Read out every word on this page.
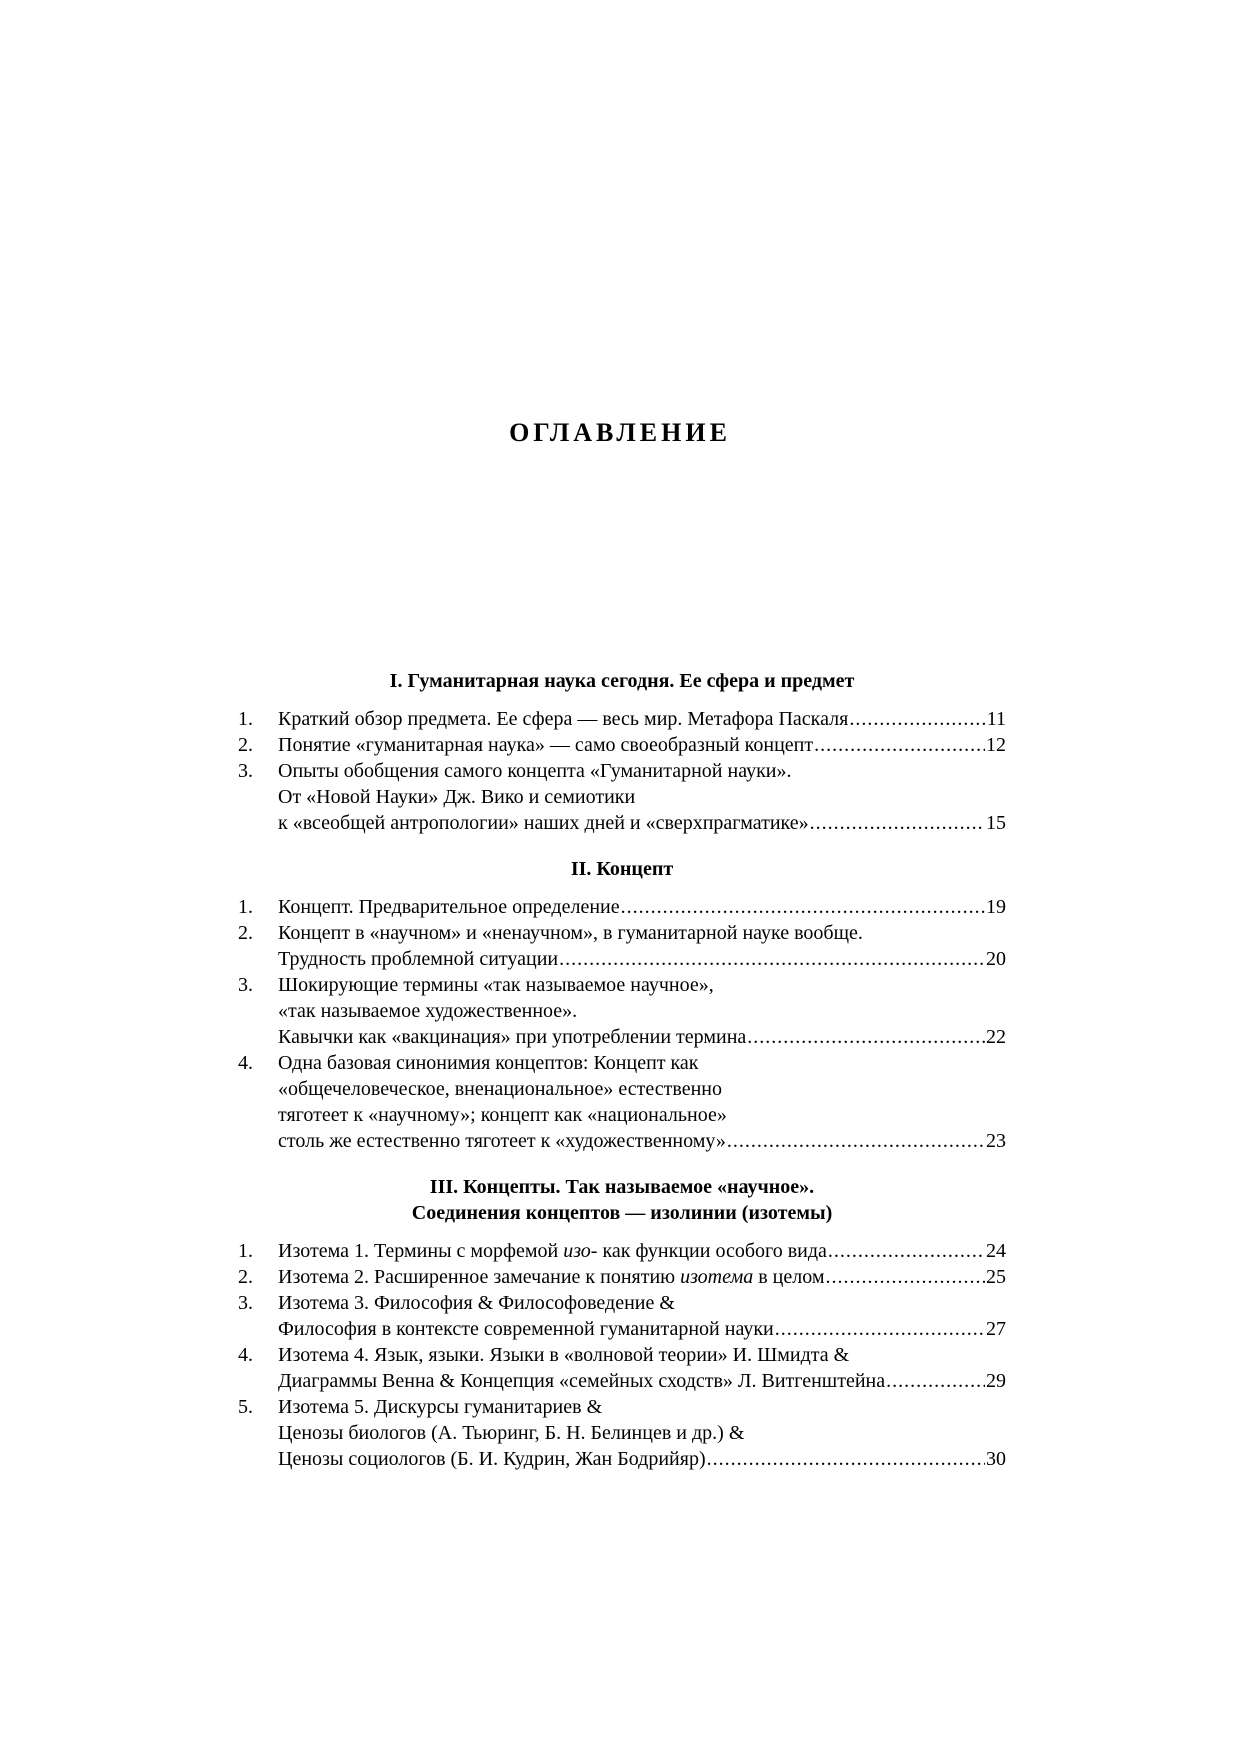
ОГЛАВЛЕНИЕ
I. Гуманитарная наука сегодня. Ее сфера и предмет
1.	Краткий обзор предмета. Ее сфера — весь мир. Метафора Паскаля .....	11
2.	Понятие «гуманитарная наука» — само своеобразный концепт .....	12
3.	Опыты обобщения самого концепта «Гуманитарной науки».
От «Новой Науки» Дж. Вико и семиотики
к «всеобщей антропологии» наших дней и «сверхпрагматике» .....	15
II. Концепт
1.	Концепт. Предварительное определение .....	19
2.	Концепт в «научном» и «ненаучном», в гуманитарной науке вообще.
Трудность проблемной ситуации .....	20
3.	Шокирующие термины «так называемое научное»,
«так называемое художественное».
Кавычки как «вакцинация» при употреблении термина .....	22
4.	Одна базовая синонимия концептов: Концепт как
«общечеловеческое, вненациональное» естественно
тяготеет к «научному»; концепт как «национальное»
столь же естественно тяготеет к «художественному» .....	23
III. Концепты. Так называемое «научное».
Соединения концептов — изолинии (изотемы)
1.	Изотема 1. Термины с морфемой изо- как функции особого вида .....	24
2.	Изотема 2. Расширенное замечание к понятию изотема в целом .....	25
3.	Изотема 3. Философия & Философоведение &
Философия в контексте современной гуманитарной науки .....	27
4.	Изотема 4. Язык, языки. Языки в «волновой теории» И. Шмидта &
Диаграммы Венна & Концепция «семейных сходств» Л. Витгенштейна .....	29
5.	Изотема 5. Дискурсы гуманитариев &
Ценозы биологов (А. Тьюринг, Б. Н. Белинцев и др.) &
Ценозы социологов (Б. И. Кудрин, Жан Бодрийяр) .....	30
